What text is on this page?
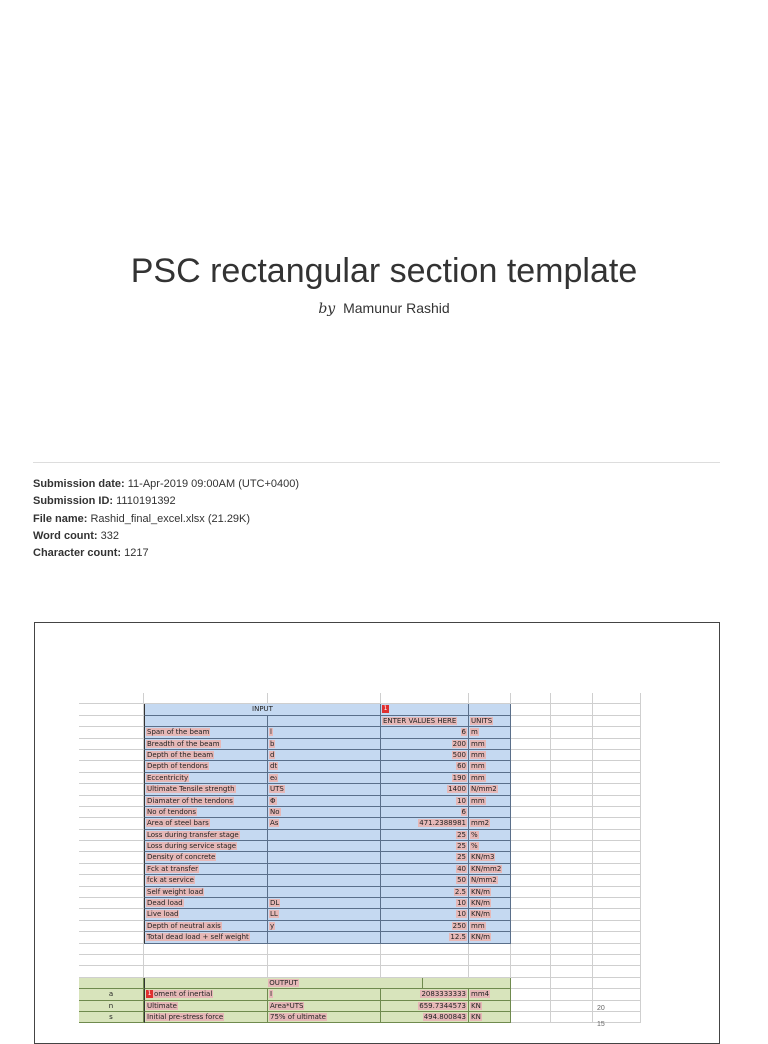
PSC rectangular section template
by Mamunur Rashid
Submission date: 11-Apr-2019 09:00AM (UTC+0400)
Submission ID: 1110191392
File name: Rashid_final_excel.xlsx (21.29K)
Word count: 332
Character count: 1217
INPUT	1
ENTER VALUES HERE	UNITS
Span of the beam	l	6 m
Breadth of the beam	b	200 mm
Depth of the beam	d	500 mm
Depth of tendons	dt	60 mm
Eccentricity	e₀	190 mm
Ultimate Tensile strength	UTS	1400 N/mm2
Diamater of the tendons	Φ	10 mm
No of tendons	No	6
Area of steel bars	As	471.2388981 mm2
Loss during transfer stage	25 %
Loss during service stage	25 %
Density of concrete	25 KN/m3
Fck at transfer	40 KN/mm2
fck at service	50 N/mm2
Self weight load	2.5 KN/m
Dead load	DL	10 KN/m
Live load	LL	10 KN/m
Depth of neutral axis	y	250 mm
Total dead load + self weight	12.5 KN/m
OUTPUT
a	1 oment of inertial	I	2083333333 mm4
n	Ultimate	Area*UTS	659.7344573 KN
s	Initial pre-stress force	75% of ultimate	494.800843 KN
20
15
